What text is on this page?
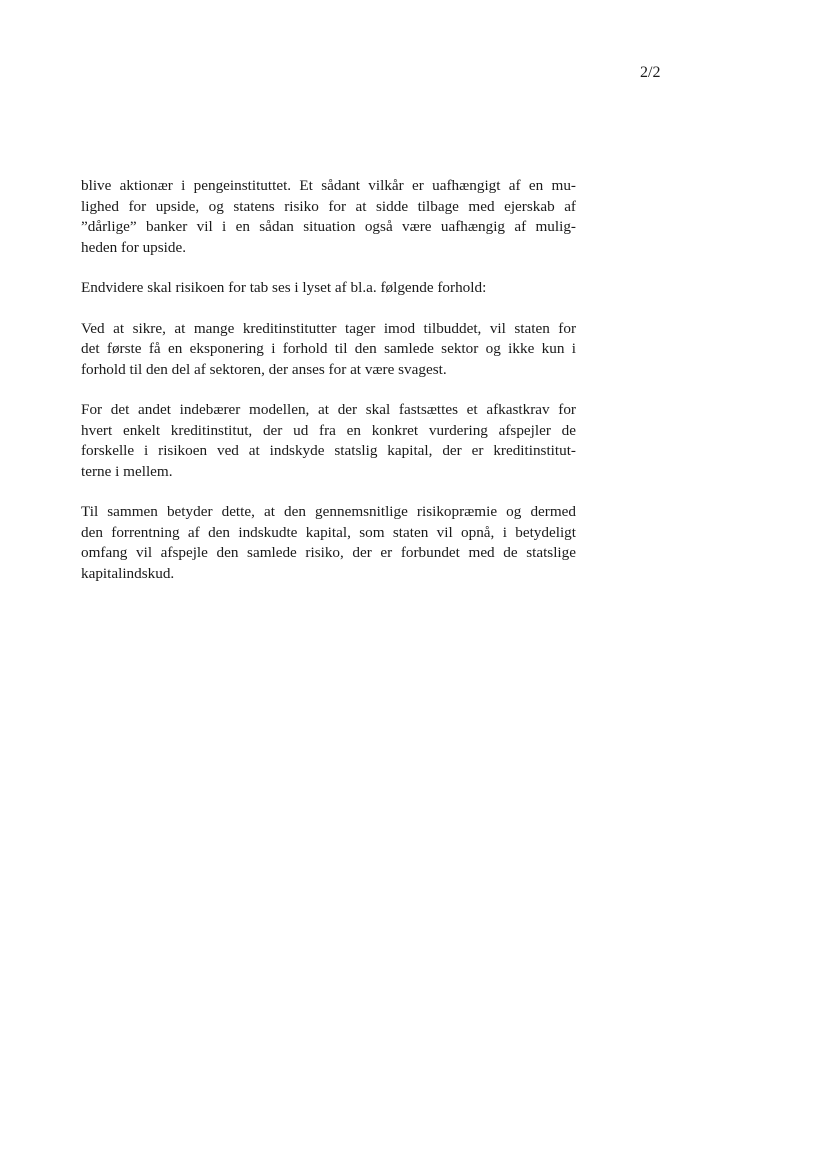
2/2

blive aktionær i pengeinstituttet. Et sådant vilkår er uafhængigt af en mu-
lighed for upside, og statens risiko for at sidde tilbage med ejerskab af
”dårlige” banker vil i en sådan situation også være uafhængig af mulig-
heden for upside.

Endvidere skal risikoen for tab ses i lyset af bl.a. følgende forhold:

Ved at sikre, at mange kreditinstitutter tager imod tilbuddet, vil staten for
det første få en eksponering i forhold til den samlede sektor og ikke kun i
forhold til den del af sektoren, der anses for at være svagest.

For det andet indebærer modellen, at der skal fastsættes et afkastkrav for
hvert enkelt kreditinstitut, der ud fra en konkret vurdering afspejler de
forskelle i risikoen ved at indskyde statslig kapital, der er kreditinstitut-
terne i mellem.

Til sammen betyder dette, at den gennemsnitlige risikopræmie og dermed
den forrentning af den indskudte kapital, som staten vil opnå, i betydeligt
omfang vil afspejle den samlede risiko, der er forbundet med de statslige
kapitalindskud.
